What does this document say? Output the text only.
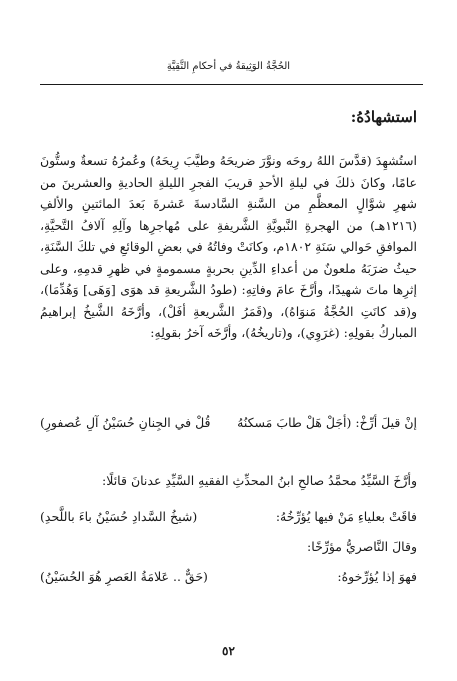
الحُجَّةُ الوَثِيقةُ في أحكامِ التَّقِيَّةِ
استشهادُهُ:

استُشهِدَ (قدَّسَ اللهُ روحَه ونوَّرَ ضريحَهُ وطيَّبَ رِيحَهُ) وعُمرُهُ تسعةٌ وستُّونَ عامًا، وكانَ ذلكَ في ليلةِ الأحدِ قريبَ الفجرِ الليلةِ الحاديةِ والعشرينَ من شهرِ شوَّالٍ المعظَّمِ من السَّنةِ السَّادسةَ عَشرةَ بَعدَ المائتينِ والألفِ (١٢١٦هـ) من الهجرةِ النَّبويَّةِ الشَّريفةِ على مُهاجرِها وآلِهِ آلافُ التَّحيَّةِ، الموافقِ حَوالي سَنَةِ ١٨٠٢م، وكانَتْ وفاتُهُ في بعضِ الوقائعِ في تلكَ السَّنَةِ، حيثُ ضرَبَهُ ملعونٌ من أعداءِ الدِّينِ بحربةٍ مسمومةٍ في ظهرِ قدمِهِ، وعلى إثرِها ماتَ شهيدًا، وأرَّخَ عامَ وفاتِهِ: (طودُ الشَّريعةِ قد هوَى [وَهَى] وَهُدِّمَا)، و(قد كانَتِ الحُجَّةُ مَنوَاهُ)، و(قَمَرُ الشَّريعةِ أفَلْ)، وأرَّخَهُ الشَّيخُ إبراهيمُ المباركُ بقولِهِ: (غرَوِي)، و(تاريخُهُ)، وأرَّخَه آخرُ بقولِهِ:

إنْ قيلَ أرِّخْ: (أجَلْ هَلْ طابَ مَسكنُهُ
قُلْ في الجِنانِ حُسَيْنُ آلِ عُصفورِ)
وأرَّخَ السَّيِّدُ محمَّدُ صالحِ ابنُ المحدِّثِ الفقيهِ السَّيِّدِ عدنانَ قائلًا:
فاقَتْ بعلياءِ مَنْ فيها يُؤرِّخُهُ:
(شيخُ السَّدادِ حُسَيْنُ باءَ باللَّحدِ)
وقالَ النَّاصريُّ مؤرِّخًا:
فهوَ إذا يُؤرِّخوهُ:
(حَقٌّ .. عَلامَةُ العَصرِ هُوَ الحُسَيْنُ)
٥٢
